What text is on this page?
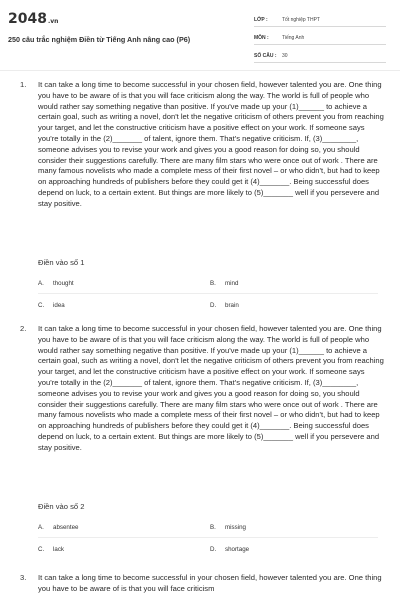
2048.vn
250 câu trắc nghiệm Điền từ Tiếng Anh nâng cao (P6)
LỚP :	Tốt nghiệp THPT
MÔN :	Tiếng Anh
SỐ CÂU :	30
1. It can take a long time to become successful in your chosen field, however talented you are. One thing you have to be aware of is that you will face criticism along the way. The world is full of people who would rather say something negative than positive. If you've made up your (1)______ to achieve a certain goal, such as writing a novel, don't let the negative criticism of others prevent you from reaching your target, and let the constructive criticism have a positive effect on your work. If someone says you're totally in the (2)_______ of talent, ignore them. That's negative criticism. If, (3)________, someone advises you to revise your work and gives you a good reason for doing so, you should consider their suggestions carefully. There are many film stars who were once out of work . There are many famous novelists who made a complete mess of their first novel – or who didn't, but had to keep on approaching hundreds of publishers before they could get it (4)_______. Being successful does depend on luck, to a certain extent. But things are more likely to (5)_______ well if you persevere and stay positive.
Điền vào số 1
A. thought	B. mind
C. idea	D. brain
2. It can take a long time to become successful in your chosen field, however talented you are. One thing you have to be aware of is that you will face criticism along the way. The world is full of people who would rather say something negative than positive. If you've made up your (1)______ to achieve a certain goal, such as writing a novel, don't let the negative criticism of others prevent you from reaching your target, and let the constructive criticism have a positive effect on your work. If someone says you're totally in the (2)_______ of talent, ignore them. That's negative criticism. If, (3)________, someone advises you to revise your work and gives you a good reason for doing so, you should consider their suggestions carefully. There are many film stars who were once out of work . There are many famous novelists who made a complete mess of their first novel – or who didn't, but had to keep on approaching hundreds of publishers before they could get it (4)_______. Being successful does depend on luck, to a certain extent. But things are more likely to (5)_______ well if you persevere and stay positive.
Điền vào số 2
A. absentee	B. missing
C. lack	D. shortage
3. It can take a long time to become successful in your chosen field, however talented you are. One thing you have to be aware of is that you will face criticism
